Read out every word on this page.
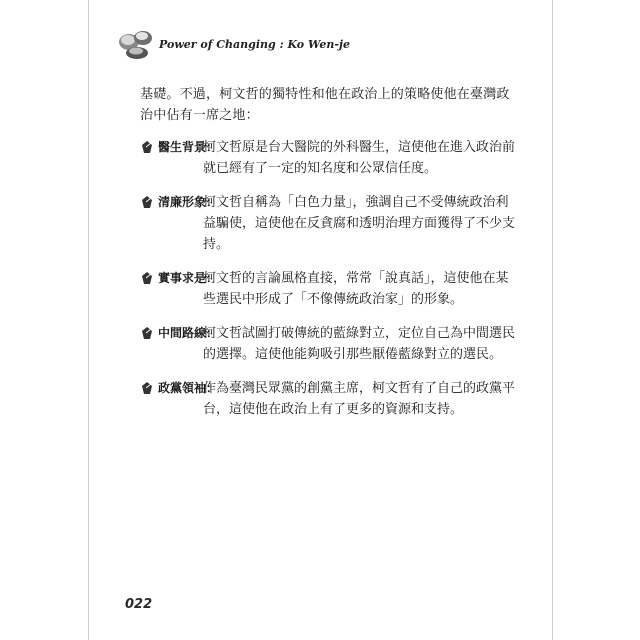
Power of Changing : Ko Wen-je
基礎。不過，柯文哲的獨特性和他在政治上的策略使他在臺灣政治中佔有一席之地：
醫生背景：
柯文哲原是台大醫院的外科醫生，這使他在進入政治前就已經有了一定的知名度和公眾信任度。
清廉形象：
柯文哲自稱為「白色力量」，強調自己不受傳統政治利益騙使，這使他在反貪腐和透明治理方面獲得了不少支持。
實事求是：
柯文哲的言論風格直接，常常「說真話」，這使他在某些選民中形成了「不像傳統政治家」的形象。
中間路線：
柯文哲試圖打破傳統的藍綠對立，定位自己為中間選民的選擇。這使他能夠吸引那些厭倦藍綠對立的選民。
政黨領袖：
作為臺灣民眾黨的創黨主席，柯文哲有了自己的政黨平台，這使他在政治上有了更多的資源和支持。
022
